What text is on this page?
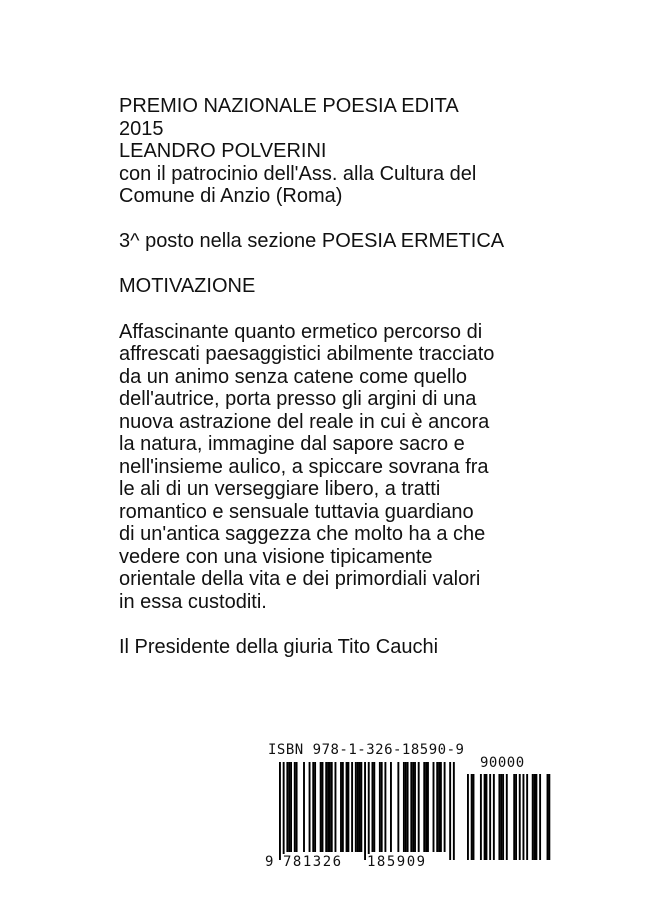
PREMIO NAZIONALE POESIA EDITA
2015
LEANDRO POLVERINI
con il patrocinio dell'Ass. alla Cultura del
Comune di Anzio (Roma)
3^ posto nella sezione POESIA ERMETICA
MOTIVAZIONE
Affascinante quanto ermetico percorso di
affrescati paesaggistici abilmente tracciato
da un animo senza catene come quello
dell'autrice, porta presso gli argini di una
nuova astrazione del reale in cui è ancora
la natura, immagine dal sapore sacro e
nell'insieme aulico, a spiccare sovrana fra
le ali di un verseggiare libero, a tratti
romantico e sensuale tuttavia guardiano
di un'antica saggezza che molto ha a che
vedere con una visione tipicamente
orientale della vita e dei primordiali valori
in essa custoditi.
Il Presidente della giuria Tito Cauchi
ISBN 978-1-326-18590-9
90000
9 781326 185909
